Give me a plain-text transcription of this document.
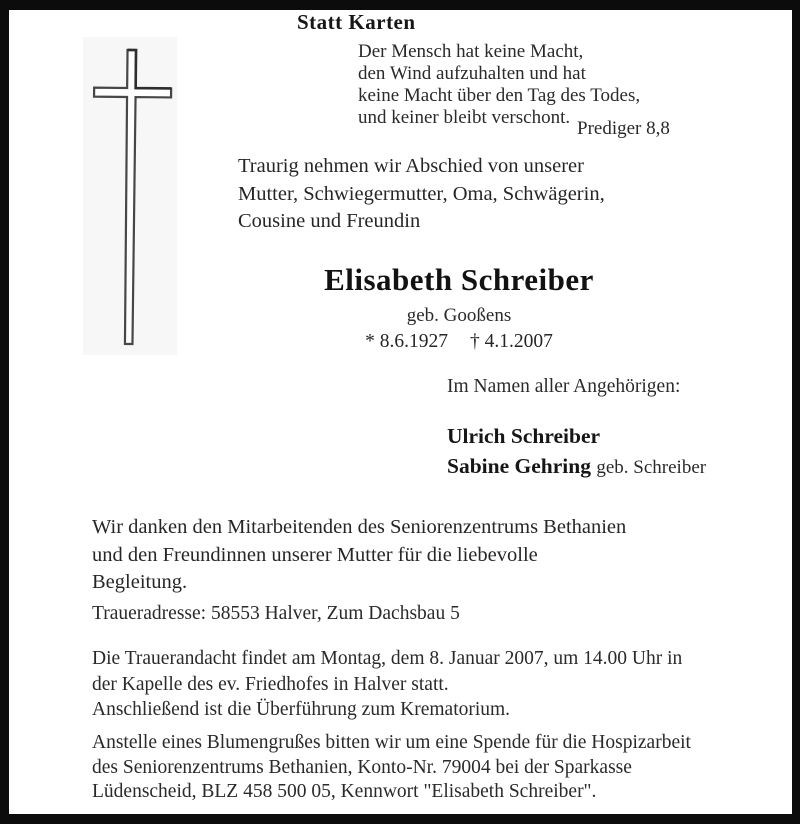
Statt Karten
Der Mensch hat keine Macht,
den Wind aufzuhalten und hat
keine Macht über den Tag des Todes,
und keiner bleibt verschont.
Prediger 8,8
Traurig nehmen wir Abschied von unserer
Mutter, Schwiegermutter, Oma, Schwägerin,
Cousine und Freundin
Elisabeth Schreiber
geb. Gooßens
* 8.6.1927 † 4.1.2007
Im Namen aller Angehörigen:
Ulrich Schreiber
Sabine Gehring geb. Schreiber
Wir danken den Mitarbeitenden des Seniorenzentrums Bethanien
und den Freundinnen unserer Mutter für die liebevolle
Begleitung.
Traueradresse: 58553 Halver, Zum Dachsbau 5
Die Trauerandacht findet am Montag, dem 8. Januar 2007, um 14.00 Uhr in
der Kapelle des ev. Friedhofes in Halver statt.
Anschließend ist die Überführung zum Krematorium.
Anstelle eines Blumengrußes bitten wir um eine Spende für die Hospizarbeit
des Seniorenzentrums Bethanien, Konto-Nr. 79004 bei der Sparkasse
Lüdenscheid, BLZ 458 500 05, Kennwort "Elisabeth Schreiber".
